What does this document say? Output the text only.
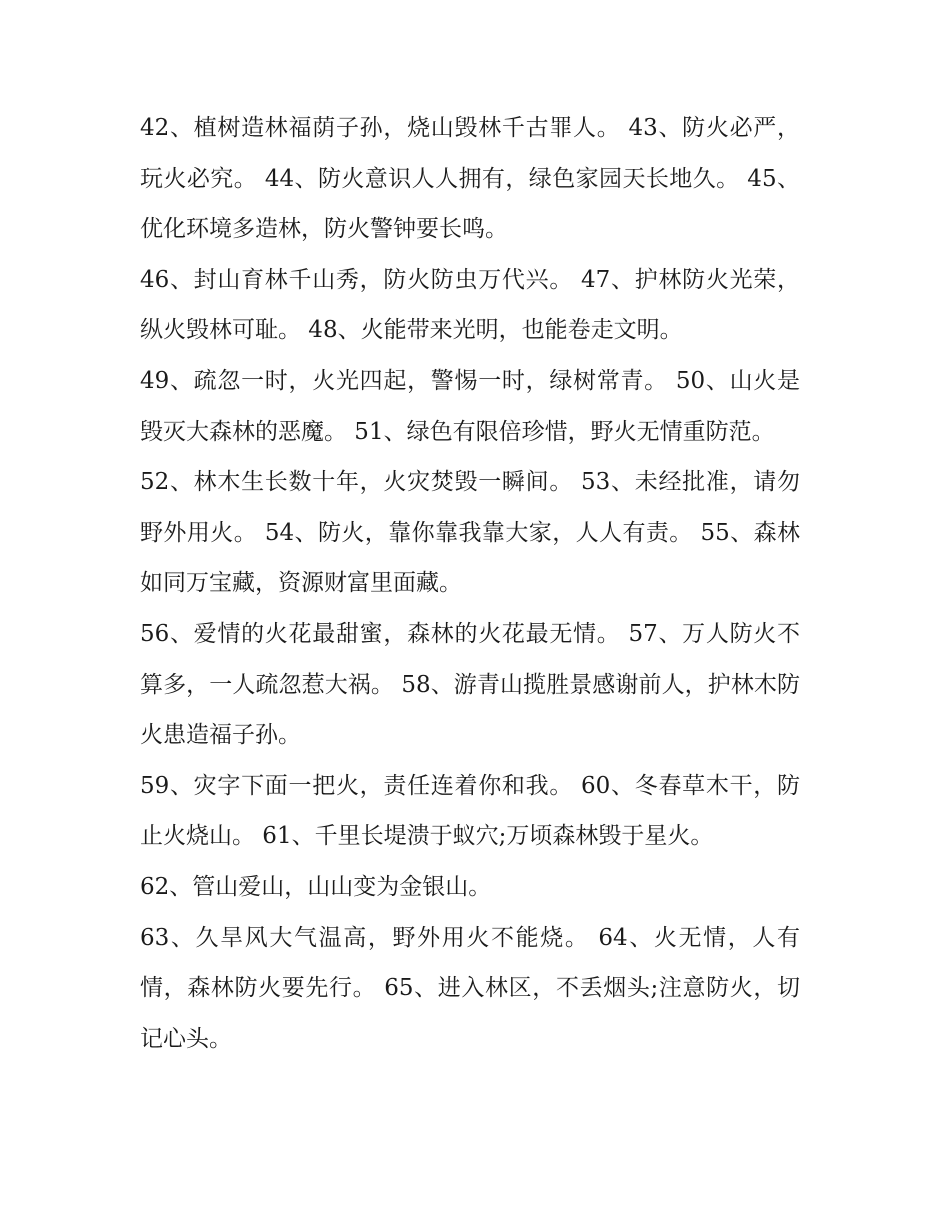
42、植树造林福荫子孙，烧山毁林千古罪人。 43、防火必严，玩火必究。 44、防火意识人人拥有，绿色家园天长地久。 45、优化环境多造林，防火警钟要长鸣。

46、封山育林千山秀，防火防虫万代兴。 47、护林防火光荣，纵火毁林可耻。 48、火能带来光明，也能卷走文明。

49、疏忽一时，火光四起，警惕一时，绿树常青。 50、山火是毁灭大森林的恶魔。 51、绿色有限倍珍惜，野火无情重防范。

52、林木生长数十年，火灾焚毁一瞬间。 53、未经批准，请勿野外用火。 54、防火，靠你靠我靠大家，人人有责。 55、森林如同万宝藏，资源财富里面藏。

56、爱情的火花最甜蜜，森林的火花最无情。 57、万人防火不算多，一人疏忽惹大祸。 58、游青山揽胜景感谢前人，护林木防火患造福子孙。

59、灾字下面一把火，责任连着你和我。 60、冬春草木干，防止火烧山。 61、千里长堤溃于蚁穴;万顷森林毁于星火。

62、管山爱山，山山变为金银山。

63、久旱风大气温高，野外用火不能烧。 64、火无情，人有情，森林防火要先行。 65、进入林区，不丢烟头;注意防火，切记心头。
